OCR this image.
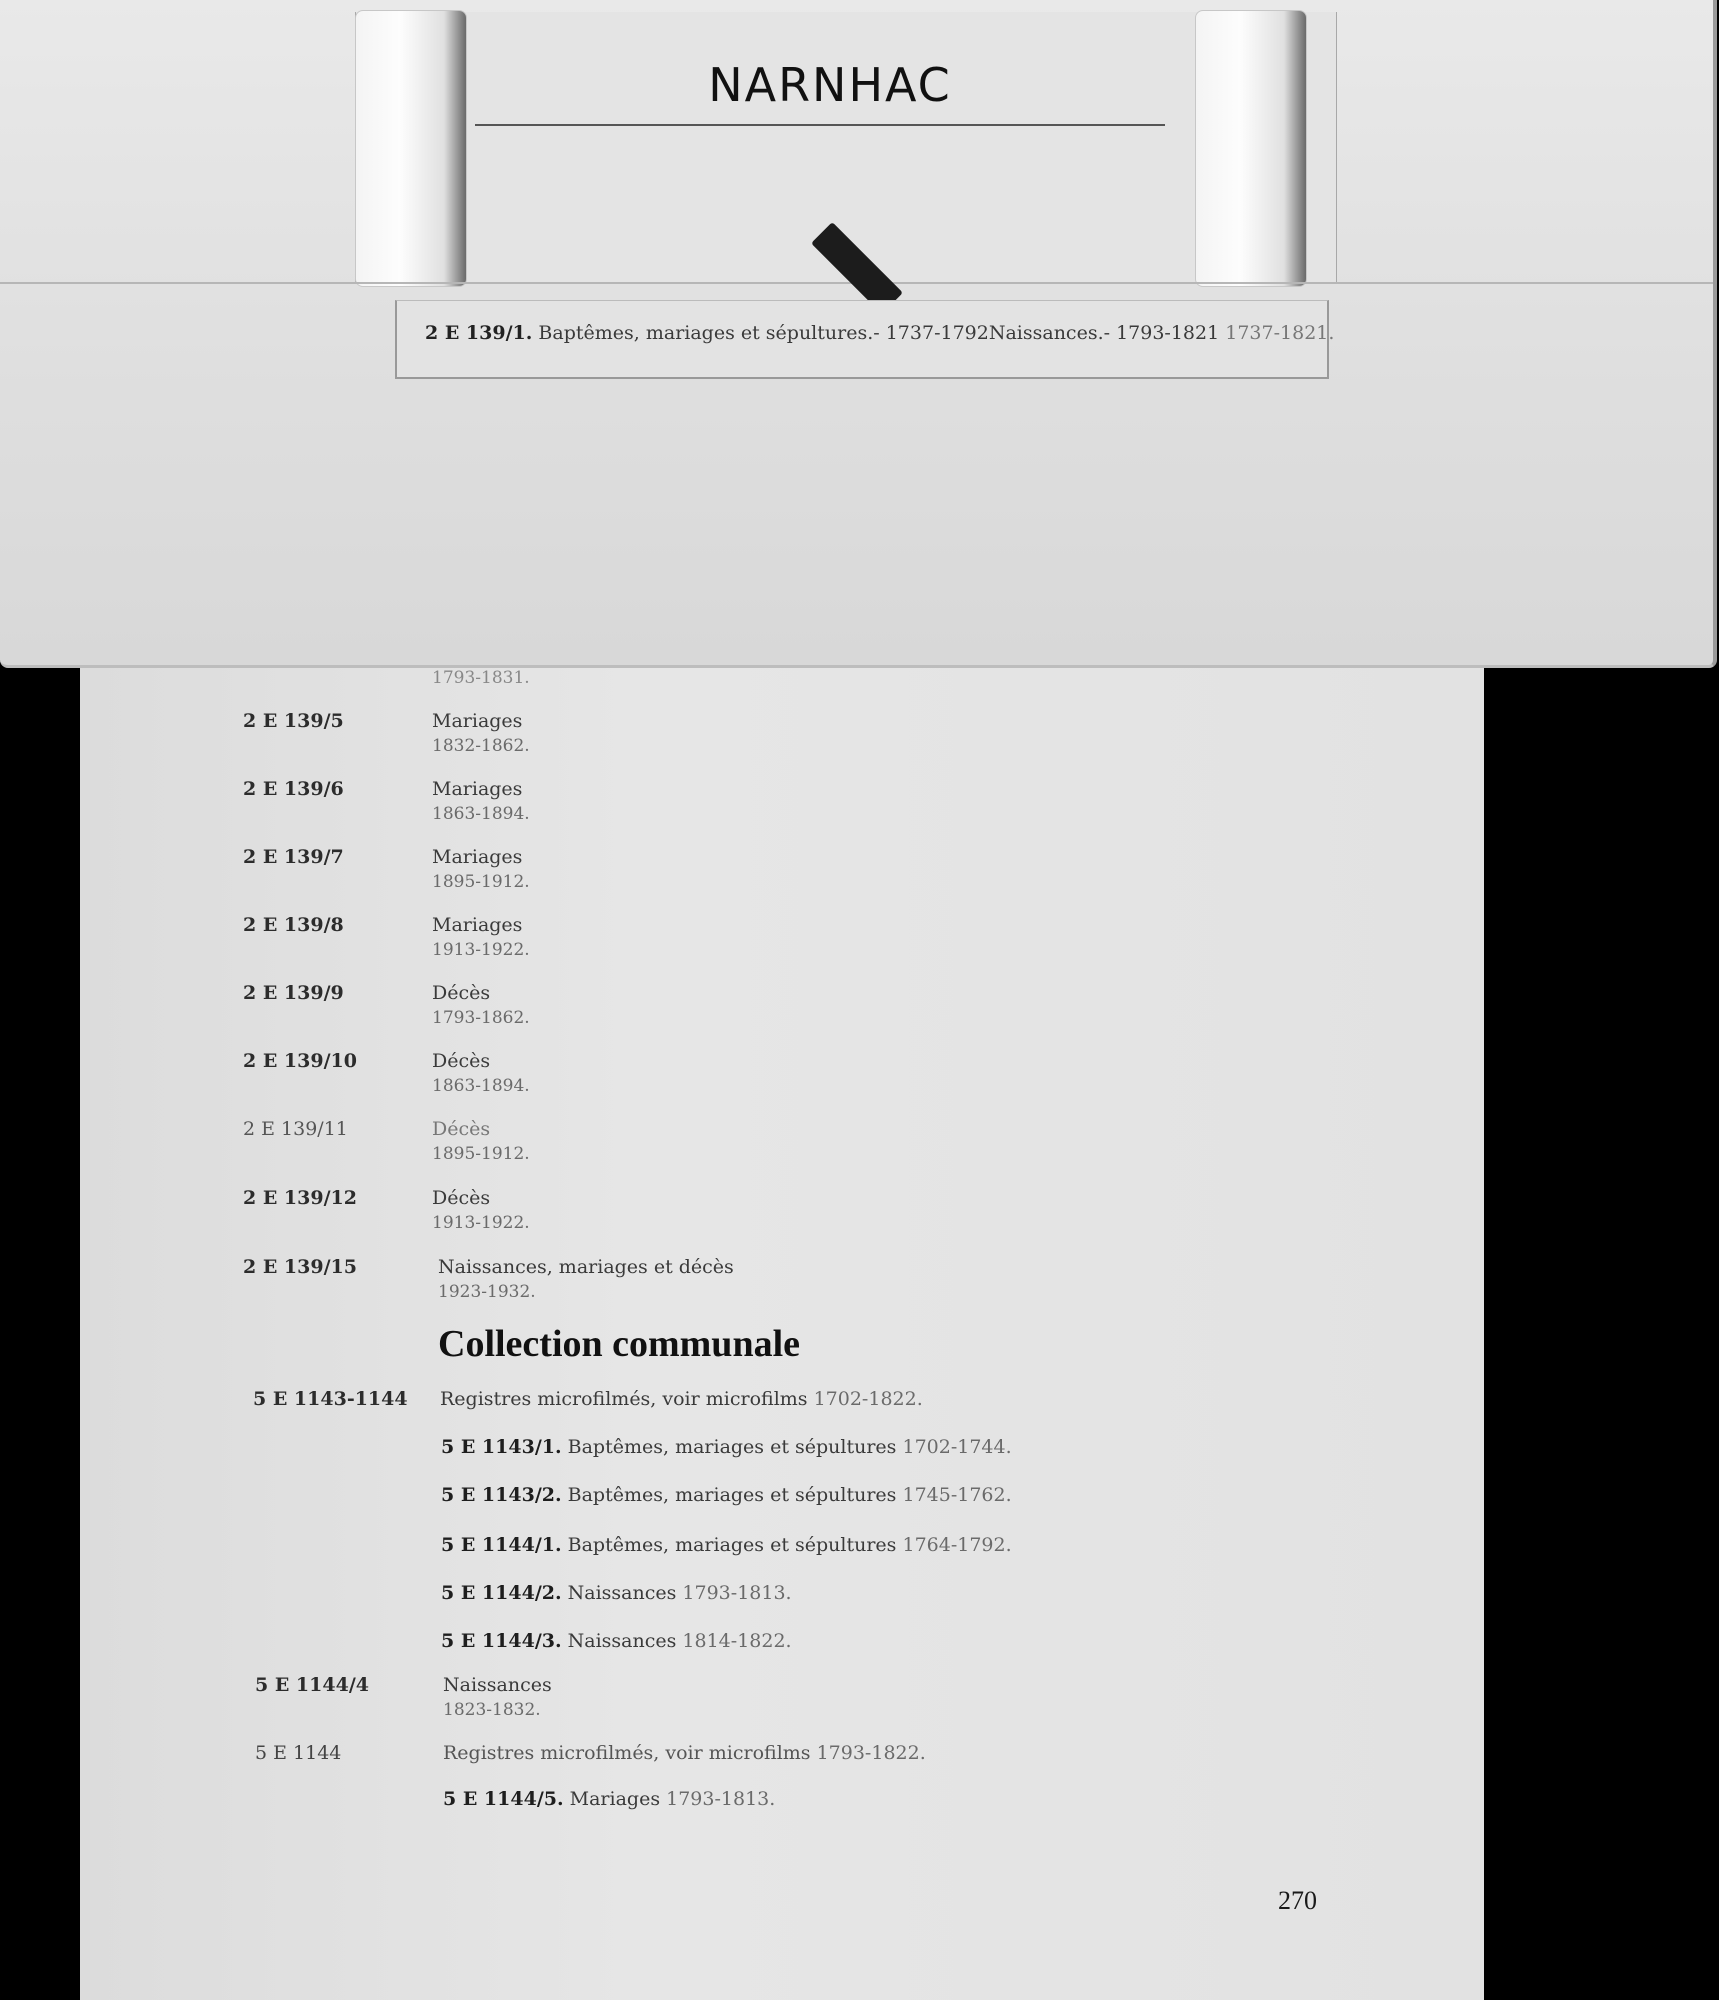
1793-1831.
2 E 139/5	Mariages
1832-1862.
2 E 139/6	Mariages
1863-1894.
2 E 139/7	Mariages
1895-1912.
2 E 139/8	Mariages
1913-1922.
2 E 139/9	Décès
1793-1862.
2 E 139/10	Décès
1863-1894.
2 E 139/11	Décès
1895-1912.
2 E 139/12	Décès
1913-1922.
2 E 139/15	Naissances, mariages et décès
1923-1932.
Collection communale
5 E 1143-1144 Registres microfilmés, voir microfilms 1702-1822.
5 E 1143/1. Baptêmes, mariages et sépultures 1702-1744.
5 E 1143/2. Baptêmes, mariages et sépultures 1745-1762.
5 E 1144/1. Baptêmes, mariages et sépultures 1764-1792.
5 E 1144/2. Naissances 1793-1813.
5 E 1144/3. Naissances 1814-1822.
5 E 1144/4	Naissances
1823-1832.
5 E 1144	Registres microfilmés, voir microfilms 1793-1822.
5 E 1144/5. Mariages 1793-1813.
270
NARNHAC
2 E 139/1. Baptêmes, mariages et sépultures.- 1737-1792Naissances.- 1793-1821 1737-1821.
